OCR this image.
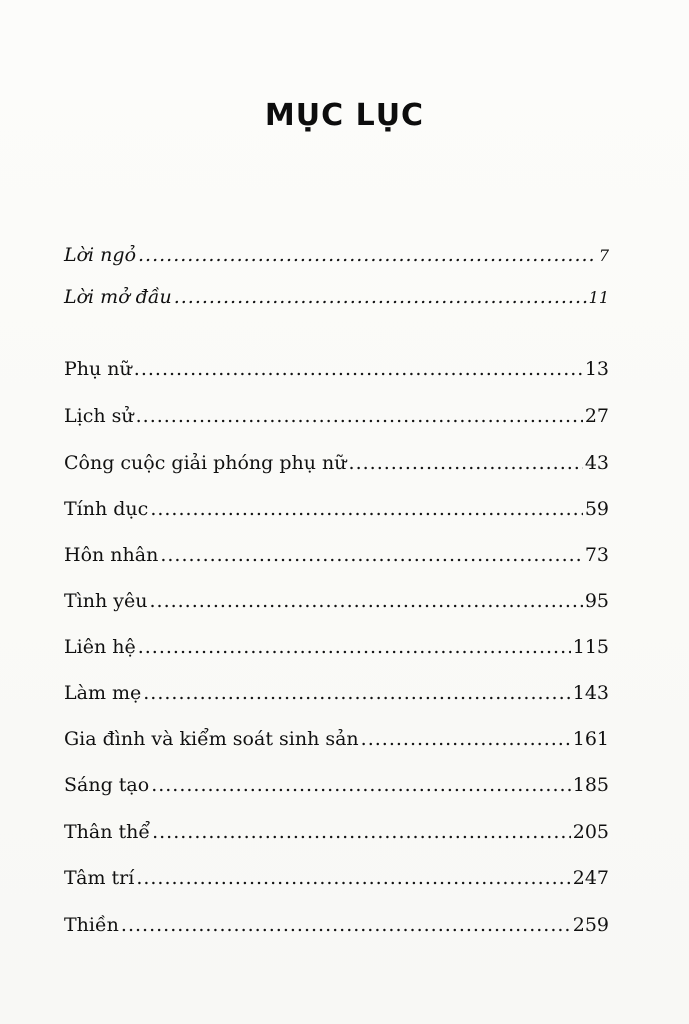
MỤC LỤC
Lời ngỏ .....	7
Lời mở đầu .....	11
Phụ nữ .....	13
Lịch sử .....	27
Công cuộc giải phóng phụ nữ .....	43
Tính dục .....	59
Hôn nhân .....	73
Tình yêu .....	95
Liên hệ .....	115
Làm mẹ .....	143
Gia đình và kiểm soát sinh sản .....	161
Sáng tạo .....	185
Thân thể .....	205
Tâm trí .....	247
Thiền .....	259
